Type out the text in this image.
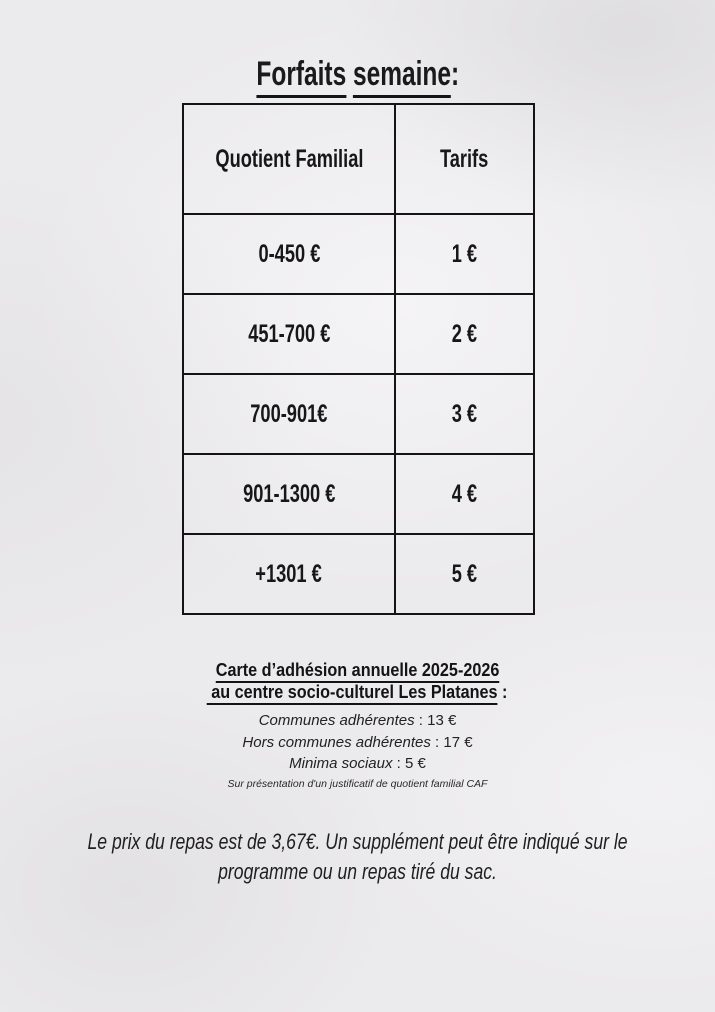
Forfaits semaine:
Quotient Familial	Tarifs
0-450 €	1 €
451-700 €	2 €
700-901€	3 €
901-1300 €	4 €
+1301 €	5 €
Carte d’adhésion annuelle 2025-2026
au centre socio-culturel Les Platanes :
Communes adhérentes : 13 €
Hors communes adhérentes : 17 €
Minima sociaux : 5 €
Sur présentation d'un justificatif de quotient familial CAF
Le prix du repas est de 3,67€. Un supplément peut être indiqué sur le
programme ou un repas tiré du sac.
